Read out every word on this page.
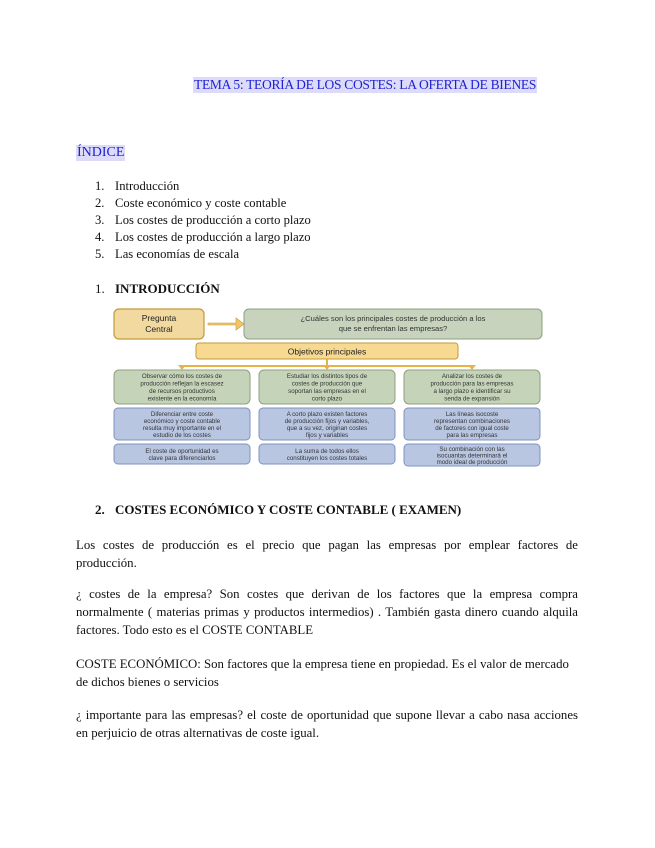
TEMA 5: TEORÍA DE LOS COSTES: LA OFERTA DE BIENES
ÍNDICE
1. Introducción
2. Coste económico y coste contable
3. Los costes de producción a corto plazo
4. Los costes de producción a largo plazo
5. Las economías de escala
1. INTRODUCCIÓN
Pregunta
Central
¿Cuáles son los principales costes de producción a los
que se enfrentan las empresas?
Objetivos principales
Observar cómo los costes de
producción reflejan la escasez
de recursos productivos
existente en la economía
Estudiar los distintos tipos de
costes de producción que
soportan las empresas en el
corto plazo
Analizar los costes de
producción para las empresas
a largo plazo e identificar su
senda de expansión
Diferenciar entre coste
económico y coste contable
resulta muy importante en el
estudio de los costes
A corto plazo existen factores
de producción fijos y variables,
que a su vez, originan costes
fijos y variables
Las líneas isocoste
representan combinaciones
de factores con igual coste
para las empresas
El coste de oportunidad es
clave para diferenciarlos
La suma de todos ellos
constituyen los costes totales
Su combinación con las
isocuantas determinará el
modo ideal de producción
2. COSTES ECONÓMICO Y COSTE CONTABLE ( EXAMEN)
Los costes de producción es el precio que pagan las empresas por emplear factores de producción.
¿ costes de la empresa? Son costes que derivan de los factores que la empresa compra normalmente ( materias primas y productos intermedios) . También gasta dinero cuando alquila factores. Todo esto es el COSTE CONTABLE
COSTE ECONÓMICO: Son factores que la empresa tiene en propiedad. Es el valor de mercado de dichos bienes o servicios
¿ importante para las empresas? el coste de oportunidad que supone llevar a cabo nasa acciones en perjuicio de otras alternativas de coste igual.
